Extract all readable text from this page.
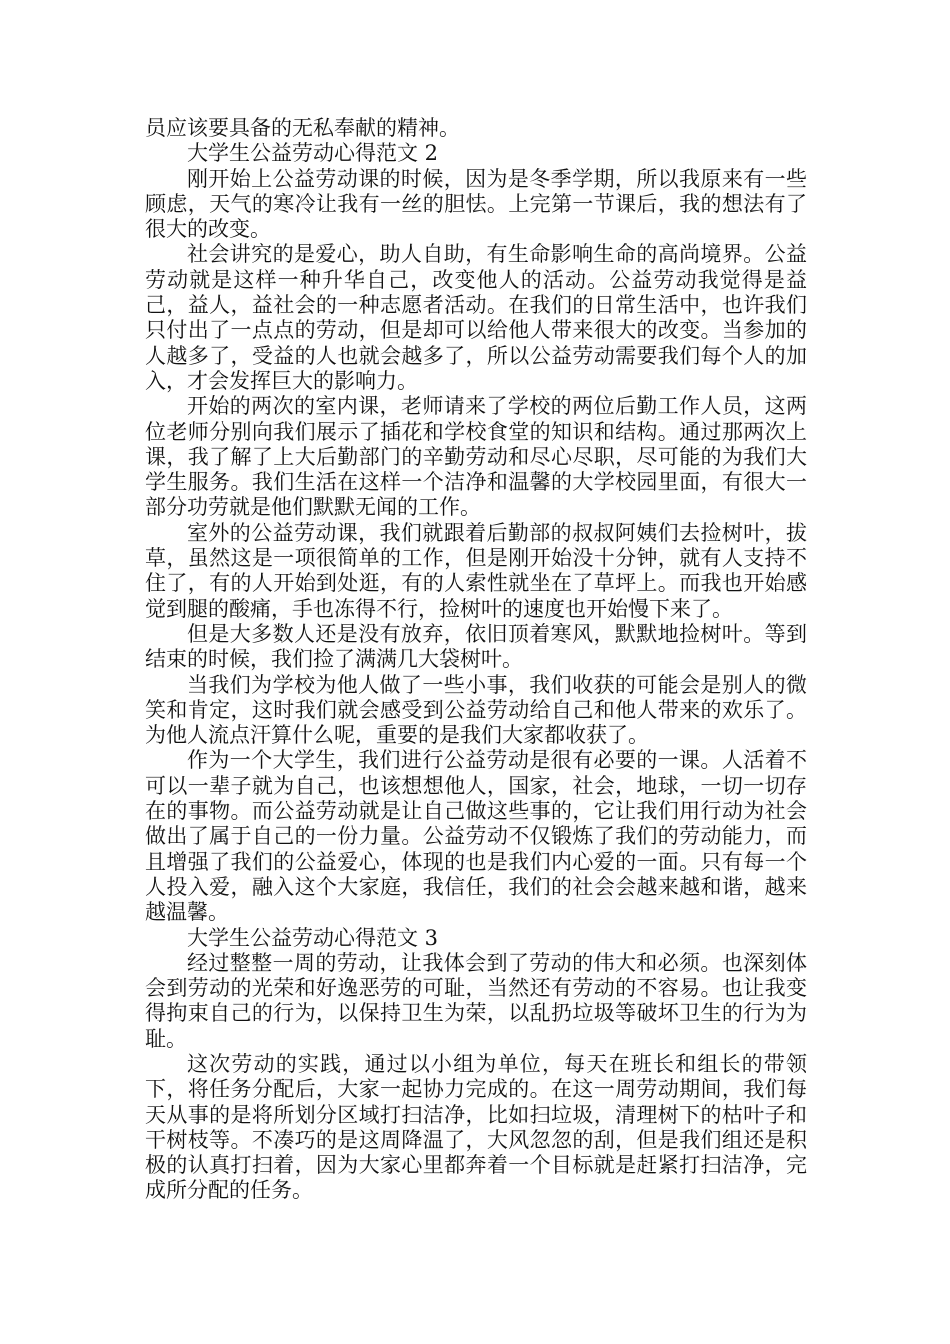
员应该要具备的无私奉献的精神。

大学生公益劳动心得范文 2

刚开始上公益劳动课的时候，因为是冬季学期，所以我原来有一些顾虑，天气的寒冷让我有一丝的胆怯。上完第一节课后，我的想法有了很大的改变。

社会讲究的是爱心，助人自助，有生命影响生命的高尚境界。公益劳动就是这样一种升华自己，改变他人的活动。公益劳动我觉得是益己，益人，益社会的一种志愿者活动。在我们的日常生活中，也许我们只付出了一点点的劳动，但是却可以给他人带来很大的改变。当参加的人越多了，受益的人也就会越多了，所以公益劳动需要我们每个人的加入，才会发挥巨大的影响力。

开始的两次的室内课，老师请来了学校的两位后勤工作人员，这两位老师分别向我们展示了插花和学校食堂的知识和结构。通过那两次上课，我了解了上大后勤部门的辛勤劳动和尽心尽职，尽可能的为我们大学生服务。我们生活在这样一个洁净和温馨的大学校园里面，有很大一部分功劳就是他们默默无闻的工作。

室外的公益劳动课，我们就跟着后勤部的叔叔阿姨们去捡树叶，拔草，虽然这是一项很简单的工作，但是刚开始没十分钟，就有人支持不住了，有的人开始到处逛，有的人索性就坐在了草坪上。而我也开始感觉到腿的酸痛，手也冻得不行，捡树叶的速度也开始慢下来了。

但是大多数人还是没有放弃，依旧顶着寒风，默默地捡树叶。等到结束的时候，我们捡了满满几大袋树叶。

当我们为学校为他人做了一些小事，我们收获的可能会是别人的微笑和肯定，这时我们就会感受到公益劳动给自己和他人带来的欢乐了。为他人流点汗算什么呢，重要的是我们大家都收获了。

作为一个大学生，我们进行公益劳动是很有必要的一课。人活着不可以一辈子就为自己，也该想想他人，国家，社会，地球，一切一切存在的事物。而公益劳动就是让自己做这些事的，它让我们用行动为社会做出了属于自己的一份力量。公益劳动不仅锻炼了我们的劳动能力，而且增强了我们的公益爱心，体现的也是我们内心爱的一面。只有每一个人投入爱，融入这个大家庭，我信任，我们的社会会越来越和谐，越来越温馨。

大学生公益劳动心得范文 3

经过整整一周的劳动，让我体会到了劳动的伟大和必须。也深刻体会到劳动的光荣和好逸恶劳的可耻，当然还有劳动的不容易。也让我变得拘束自己的行为，以保持卫生为荣，以乱扔垃圾等破坏卫生的行为为耻。

这次劳动的实践，通过以小组为单位，每天在班长和组长的带领下，将任务分配后，大家一起协力完成的。在这一周劳动期间，我们每天从事的是将所划分区域打扫洁净，比如扫垃圾，清理树下的枯叶子和干树枝等。不凑巧的是这周降温了，大风忽忽的刮，但是我们组还是积极的认真打扫着，因为大家心里都奔着一个目标就是赶紧打扫洁净，完成所分配的任务。
